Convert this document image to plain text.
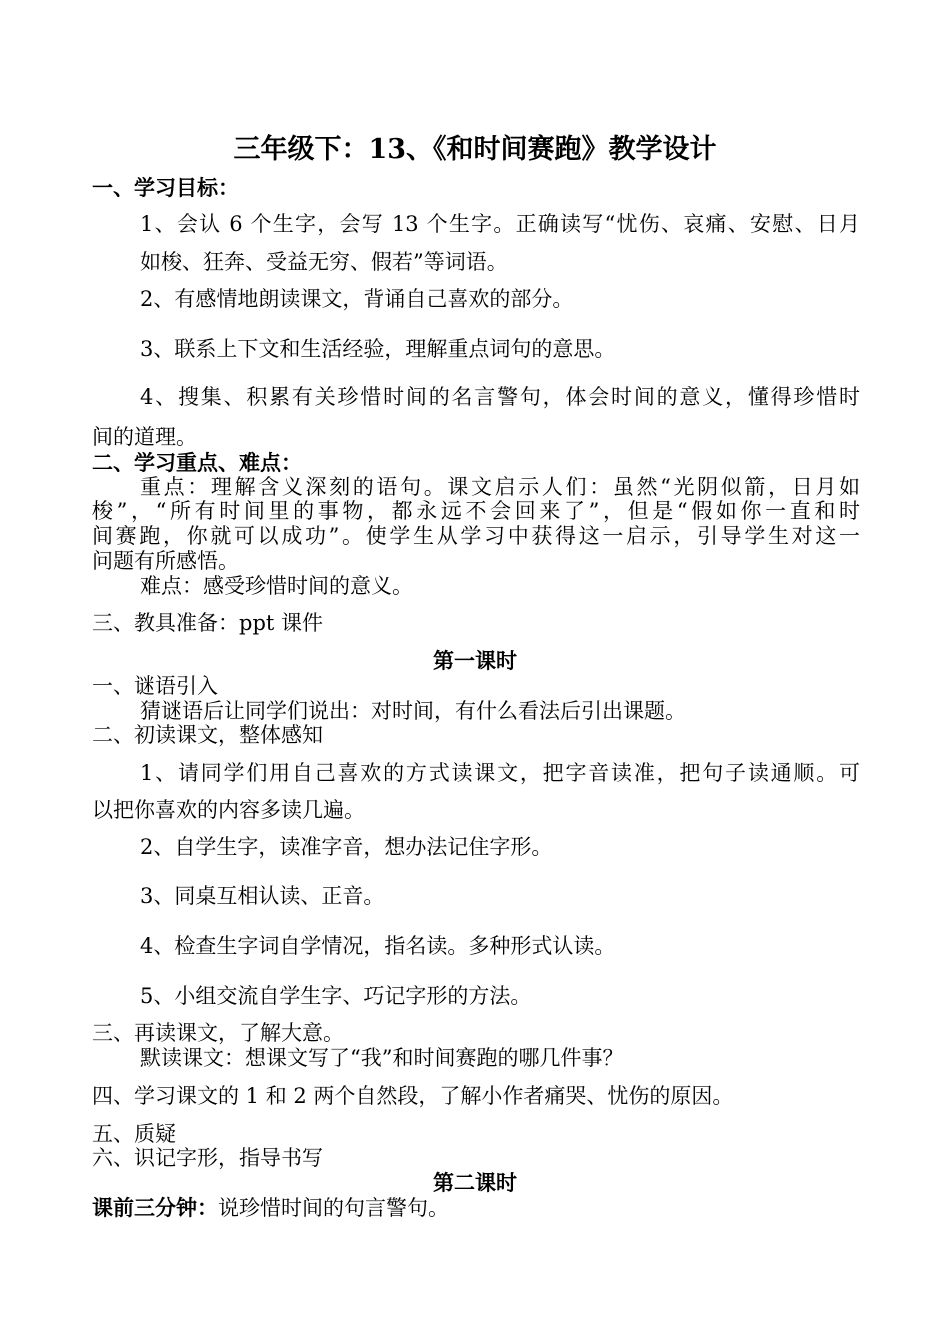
三年级下：13、《和时间赛跑》教学设计
一、学习目标：
1、会认 6 个生字，会写 13 个生字。正确读写“忧伤、哀痛、安慰、日月
如梭、狂奔、受益无穷、假若”等词语。
2、有感情地朗读课文，背诵自己喜欢的部分。
3、联系上下文和生活经验，理解重点词句的意思。
4、搜集、积累有关珍惜时间的名言警句，体会时间的意义，懂得珍惜时
间的道理。
二、学习重点、难点：
重点：理解含义深刻的语句。课文启示人们：虽然“光阴似箭，日月如
梭”，“所有时间里的事物，都永远不会回来了”，但是“假如你一直和时
间赛跑，你就可以成功”。使学生从学习中获得这一启示，引导学生对这一
问题有所感悟。
难点：感受珍惜时间的意义。
三、教具准备：ppt 课件
第一课时
一、谜语引入
猜谜语后让同学们说出：对时间，有什么看法后引出课题。
二、初读课文，整体感知
1、请同学们用自己喜欢的方式读课文，把字音读准，把句子读通顺。可
以把你喜欢的内容多读几遍。
2、自学生字，读准字音，想办法记住字形。
3、同桌互相认读、正音。
4、检查生字词自学情况，指名读。多种形式认读。
5、小组交流自学生字、巧记字形的方法。
三、再读课文，了解大意。
默读课文：想课文写了“我”和时间赛跑的哪几件事？
四、学习课文的 1 和 2 两个自然段，了解小作者痛哭、忧伤的原因。
五、质疑
六、识记字形，指导书写
第二课时
课前三分钟：说珍惜时间的句言警句。
